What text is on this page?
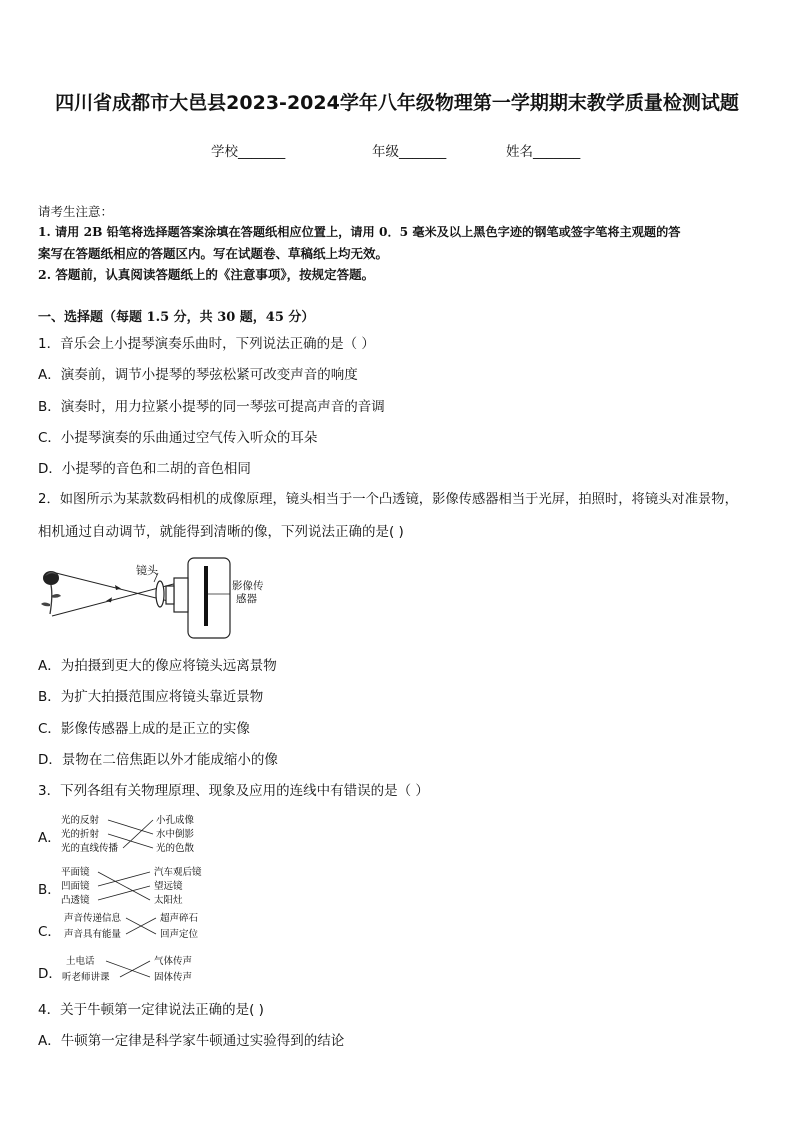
四川省成都市大邑县2023-2024学年八年级物理第一学期期末教学质量检测试题
学校_______	年级_______	姓名_______
请考生注意：
1. 请用 2B 铅笔将选择题答案涂填在答题纸相应位置上，请用 0．5 毫米及以上黑色字迹的钢笔或签字笔将主观题的答
案写在答题纸相应的答题区内。写在试题卷、草稿纸上均无效。
2. 答题前，认真阅读答题纸上的《注意事项》，按规定答题。
一、选择题（每题 1.5 分，共 30 题，45 分）
1．音乐会上小提琴演奏乐曲时，下列说法正确的是（ ）
A．演奏前，调节小提琴的琴弦松紧可改变声音的响度
B．演奏时，用力拉紧小提琴的同一琴弦可提高声音的音调
C．小提琴演奏的乐曲通过空气传入听众的耳朵
D．小提琴的音色和二胡的音色相同
2．如图所示为某款数码相机的成像原理，镜头相当于一个凸透镜，影像传感器相当于光屏，拍照时，将镜头对准景物，
相机通过自动调节，就能得到清晰的像，下列说法正确的是( )
镜头
影像传
感器
A．为拍摄到更大的像应将镜头远离景物
B．为扩大拍摄范围应将镜头靠近景物
C．影像传感器上成的是正立的实像
D．景物在二倍焦距以外才能成缩小的像
3．下列各组有关物理原理、现象及应用的连线中有错误的是（ ）
A．
光的反射
光的折射
光的直线传播
小孔成像
水中倒影
光的色散
B．
平面镜
凹面镜
凸透镜
汽车观后镜
望远镜
太阳灶
C．
声音传递信息
声音具有能量
超声碎石
回声定位
D．
土电话
听老师讲课
气体传声
固体传声
4．关于牛顿第一定律说法正确的是( )
A．牛顿第一定律是科学家牛顿通过实验得到的结论
